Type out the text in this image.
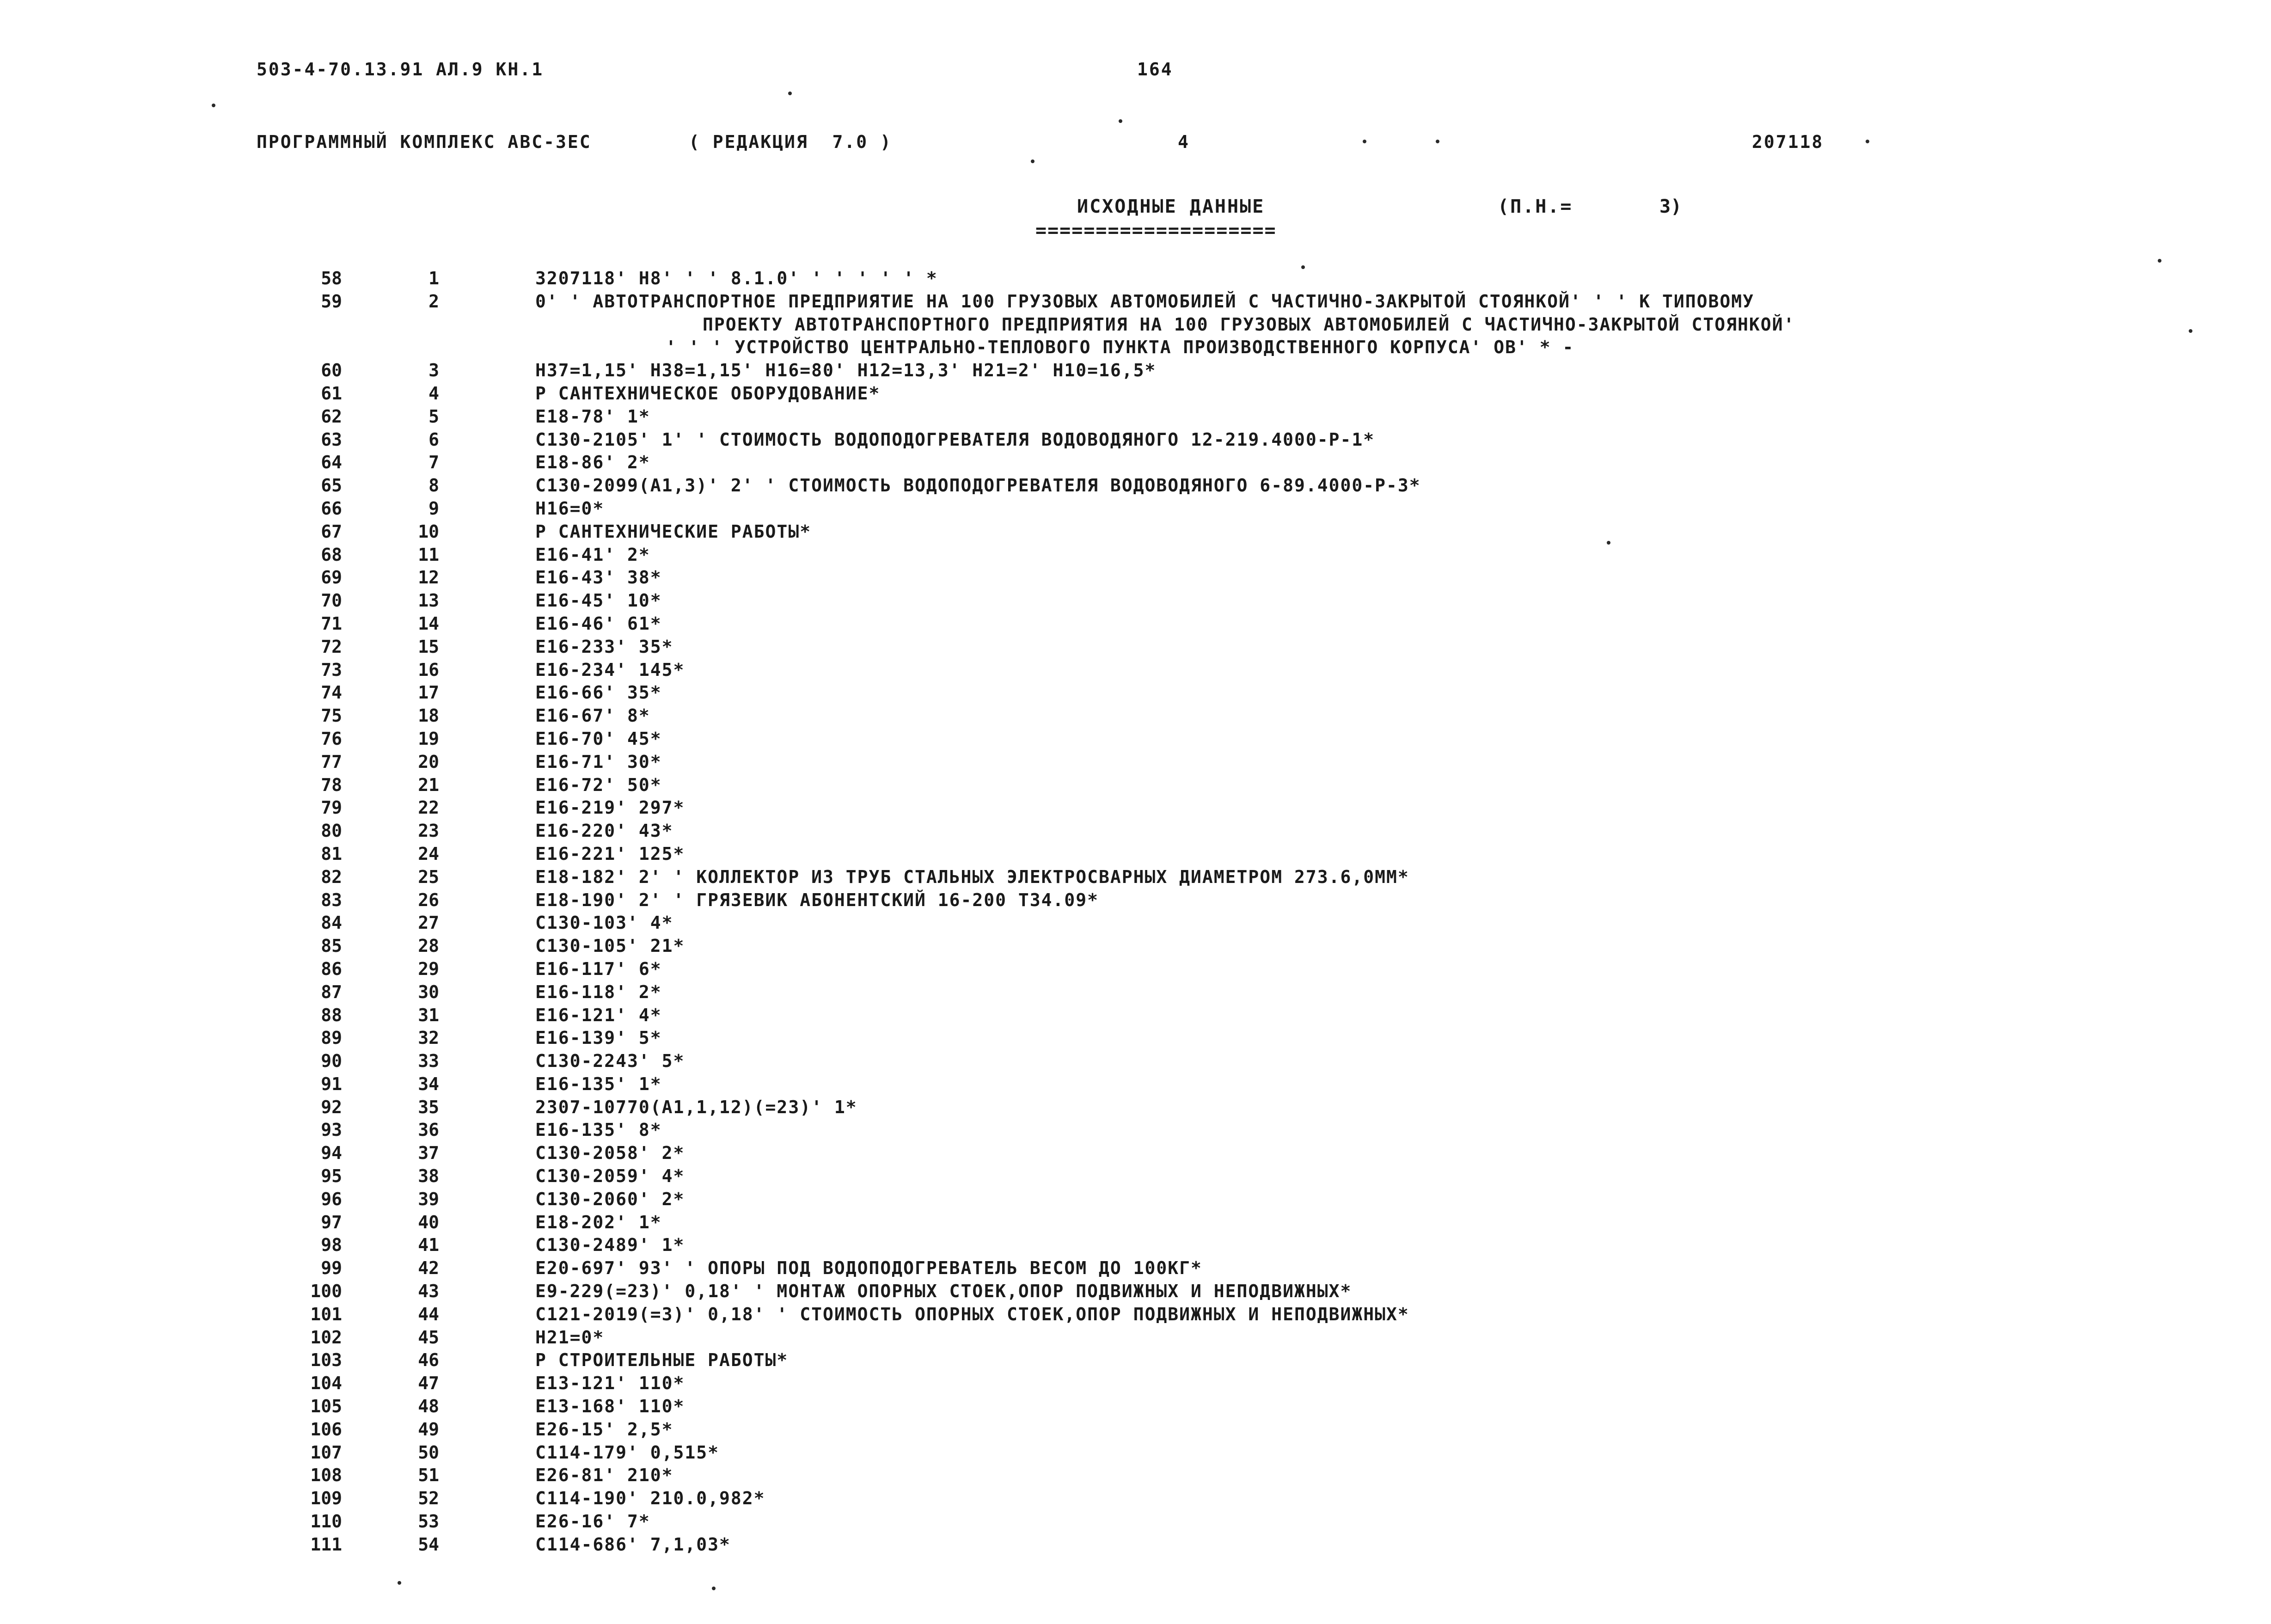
503-4-70.13.91 АЛ.9 КН.1	164
ПРОГРАММНЫЙ КОМПЛЕКС АВС-3ЕС	( РЕДАКЦИЯ  7.0 )	4	207118
ИСХОДНЫЕ ДАННЫЕ
====================
(П.Н.=	3)
58	1	3207118' Н8' ' ' 8.1.0' ' ' ' ' ' *
59	2	0' ' АВТОТРАНСПОРТНОЕ ПРЕДПРИЯТИЕ НА 100 ГРУЗОВЫХ АВТОМОБИЛЕЙ С ЧАСТИЧНО-ЗАКРЫТОЙ СТОЯНКОЙ' ' ' К ТИПОВОМУ
ПРОЕКТУ АВТОТРАНСПОРТНОГО ПРЕДПРИЯТИЯ НА 100 ГРУЗОВЫХ АВТОМОБИЛЕЙ С ЧАСТИЧНО-ЗАКРЫТОЙ СТОЯНКОЙ'
' ' ' УСТРОЙСТВО ЦЕНТРАЛЬНО-ТЕПЛОВОГО ПУНКТА ПРОИЗВОДСТВЕННОГО КОРПУСА' ОВ' * -
60	3	Н37=1,15' Н38=1,15' Н16=80' Н12=13,3' Н21=2' Н10=16,5*
61	4	Р САНТЕХНИЧЕСКОЕ ОБОРУДОВАНИЕ*
62	5	Е18-78' 1*
63	6	С130-2105' 1' ' СТОИМОСТЬ ВОДОПОДОГРЕВАТЕЛЯ ВОДОВОДЯНОГО 12-219.4000-Р-1*
64	7	Е18-86' 2*
65	8	С130-2099(А1,3)' 2' ' СТОИМОСТЬ ВОДОПОДОГРЕВАТЕЛЯ ВОДОВОДЯНОГО 6-89.4000-Р-3*
66	9	Н16=0*
67	10	Р САНТЕХНИЧЕСКИЕ РАБОТЫ*
68	11	Е16-41' 2*
69	12	Е16-43' 38*
70	13	Е16-45' 10*
71	14	Е16-46' 61*
72	15	Е16-233' 35*
73	16	Е16-234' 145*
74	17	Е16-66' 35*
75	18	Е16-67' 8*
76	19	Е16-70' 45*
77	20	Е16-71' 30*
78	21	Е16-72' 50*
79	22	Е16-219' 297*
80	23	Е16-220' 43*
81	24	Е16-221' 125*
82	25	Е18-182' 2' ' КОЛЛЕКТОР ИЗ ТРУБ СТАЛЬНЫХ ЭЛЕКТРОСВАРНЫХ ДИАМЕТРОМ 273.6,0ММ*
83	26	Е18-190' 2' ' ГРЯЗЕВИК АБОНЕНТСКИЙ 16-200 Т34.09*
84	27	С130-103' 4*
85	28	С130-105' 21*
86	29	Е16-117' 6*
87	30	Е16-118' 2*
88	31	Е16-121' 4*
89	32	Е16-139' 5*
90	33	С130-2243' 5*
91	34	Е16-135' 1*
92	35	2307-10770(А1,1,12)(=23)' 1*
93	36	Е16-135' 8*
94	37	С130-2058' 2*
95	38	С130-2059' 4*
96	39	С130-2060' 2*
97	40	Е18-202' 1*
98	41	С130-2489' 1*
99	42	Е20-697' 93' ' ОПОРЫ ПОД ВОДОПОДОГРЕВАТЕЛЬ ВЕСОМ ДО 100КГ*
100	43	Е9-229(=23)' 0,18' ' МОНТАЖ ОПОРНЫХ СТОЕК,ОПОР ПОДВИЖНЫХ И НЕПОДВИЖНЫХ*
101	44	С121-2019(=3)' 0,18' ' СТОИМОСТЬ ОПОРНЫХ СТОЕК,ОПОР ПОДВИЖНЫХ И НЕПОДВИЖНЫХ*
102	45	Н21=0*
103	46	Р СТРОИТЕЛЬНЫЕ РАБОТЫ*
104	47	Е13-121' 110*
105	48	Е13-168' 110*
106	49	Е26-15' 2,5*
107	50	С114-179' 0,515*
108	51	Е26-81' 210*
109	52	С114-190' 210.0,982*
110	53	Е26-16' 7*
111	54	С114-686' 7,1,03*
